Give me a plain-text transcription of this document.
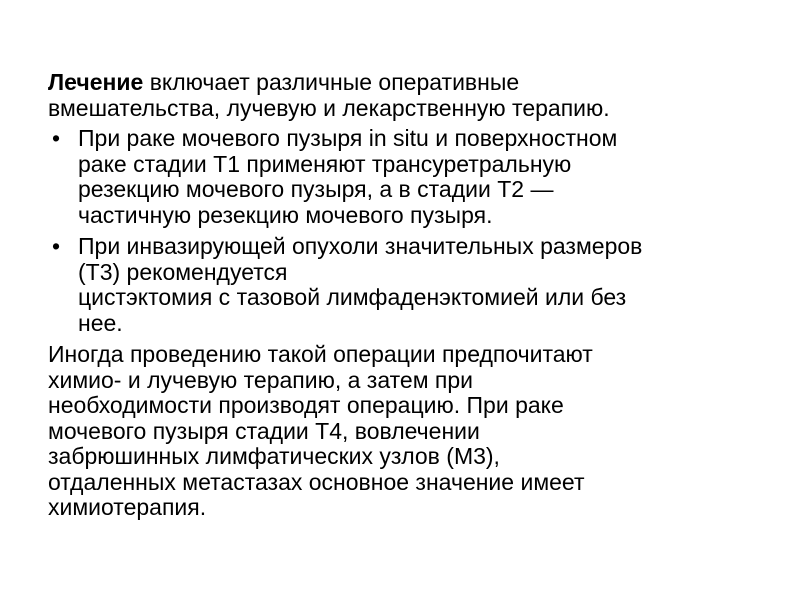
Лечение включает различные оперативные
вмешательства, лучевую и лекарственную терапию.

• При раке мочевого пузыря in situ и поверхностном
раке стадии Т1 применяют трансуретральную
резекцию мочевого пузыря, а в стадии Т2 —
частичную резекцию мочевого пузыря.
• При инвазирующей опухоли значительных размеров
(Т3) рекомендуется
цистэктомия с тазовой лимфаденэктомией или без
нее.

Иногда проведению такой операции предпочитают
химио- и лучевую терапию, а затем при
необходимости производят операцию. При раке
мочевого пузыря стадии Т4, вовлечении
забрюшинных лимфатических узлов (М3),
отдаленных метастазах основное значение имеет
химиотерапия.
